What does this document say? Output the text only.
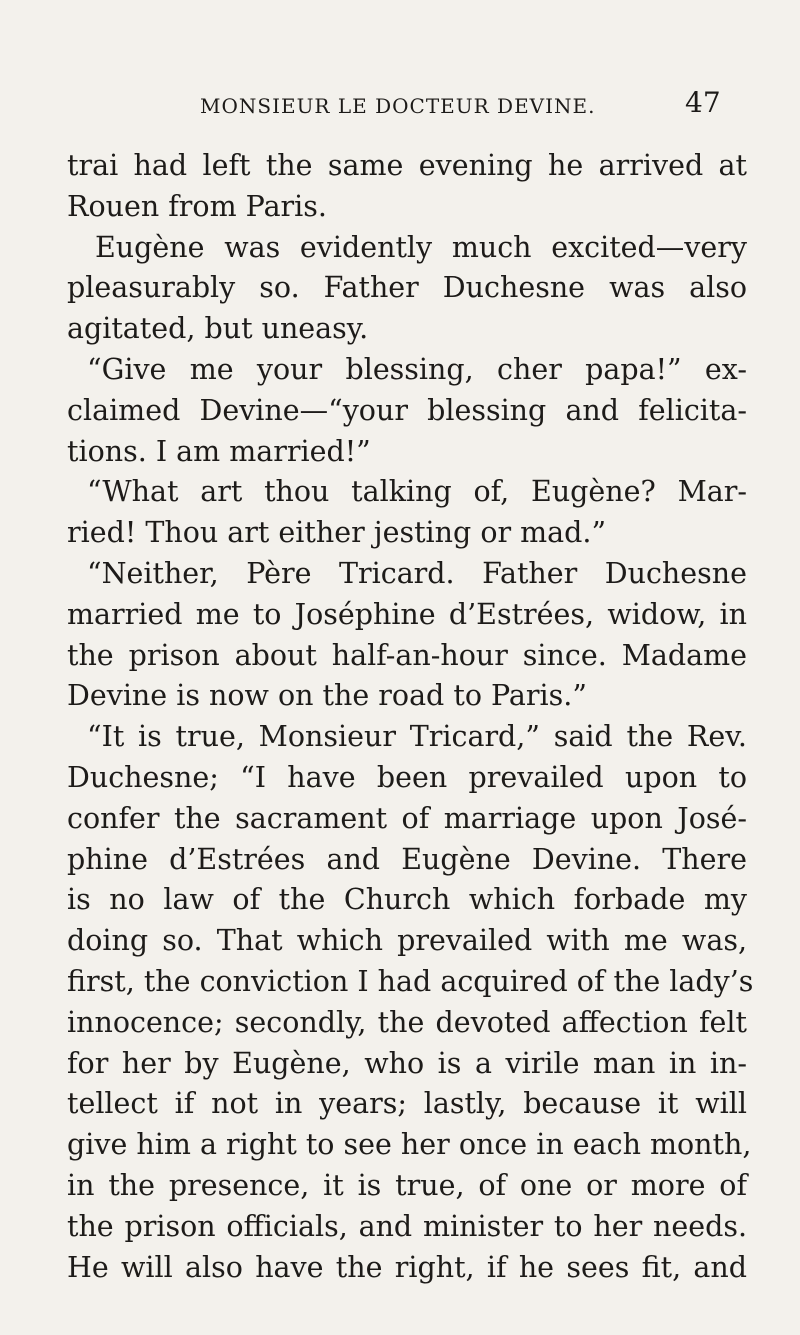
MONSIEUR LE DOCTEUR DEVINE.	47
trai had left the same evening he arrived at
Rouen from Paris.
Eugène was evidently much excited—very
pleasurably so. Father Duchesne was also
agitated, but uneasy.
“Give me your blessing, cher papa!” ex-
claimed Devine—“your blessing and felicita-
tions. I am married!”
“What art thou talking of, Eugène? Mar-
ried! Thou art either jesting or mad.”
“Neither, Père Tricard. Father Duchesne
married me to Joséphine d’Estrées, widow, in
the prison about half-an-hour since. Madame
Devine is now on the road to Paris.”
“It is true, Monsieur Tricard,” said the Rev.
Duchesne; “I have been prevailed upon to
confer the sacrament of marriage upon José-
phine d’Estrées and Eugène Devine. There
is no law of the Church which forbade my
doing so. That which prevailed with me was,
first, the conviction I had acquired of the lady’s
innocence; secondly, the devoted affection felt
for her by Eugène, who is a virile man in in-
tellect if not in years; lastly, because it will
give him a right to see her once in each month,
in the presence, it is true, of one or more of
the prison officials, and minister to her needs.
He will also have the right, if he sees fit, and
